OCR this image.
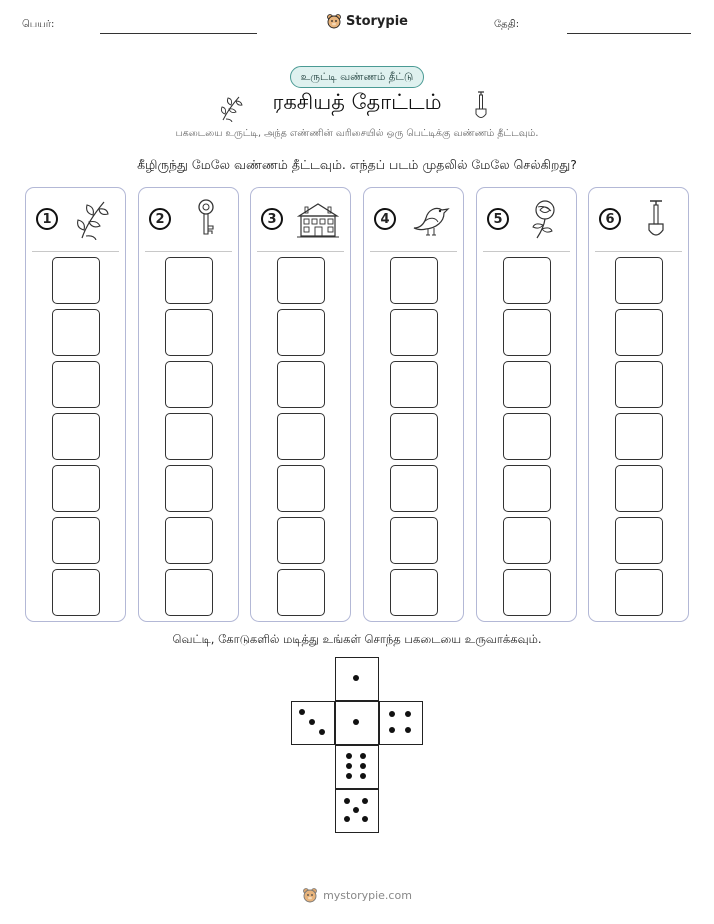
பெயர்:	Storypie	தேதி:
உருட்டி வண்ணம் தீட்டு
ரகசியத் தோட்டம்
பகடையை உருட்டி, அந்த எண்ணின் வரிசையில் ஒரு பெட்டிக்கு வண்ணம் தீட்டவும்.
கீழிருந்து மேலே வண்ணம் தீட்டவும். எந்தப் படம் முதலில் மேலே செல்கிறது?
1	2	3	4	5	6
வெட்டி, கோடுகளில் மடித்து உங்கள் சொந்த பகடையை உருவாக்கவும்.
mystorypie.com
